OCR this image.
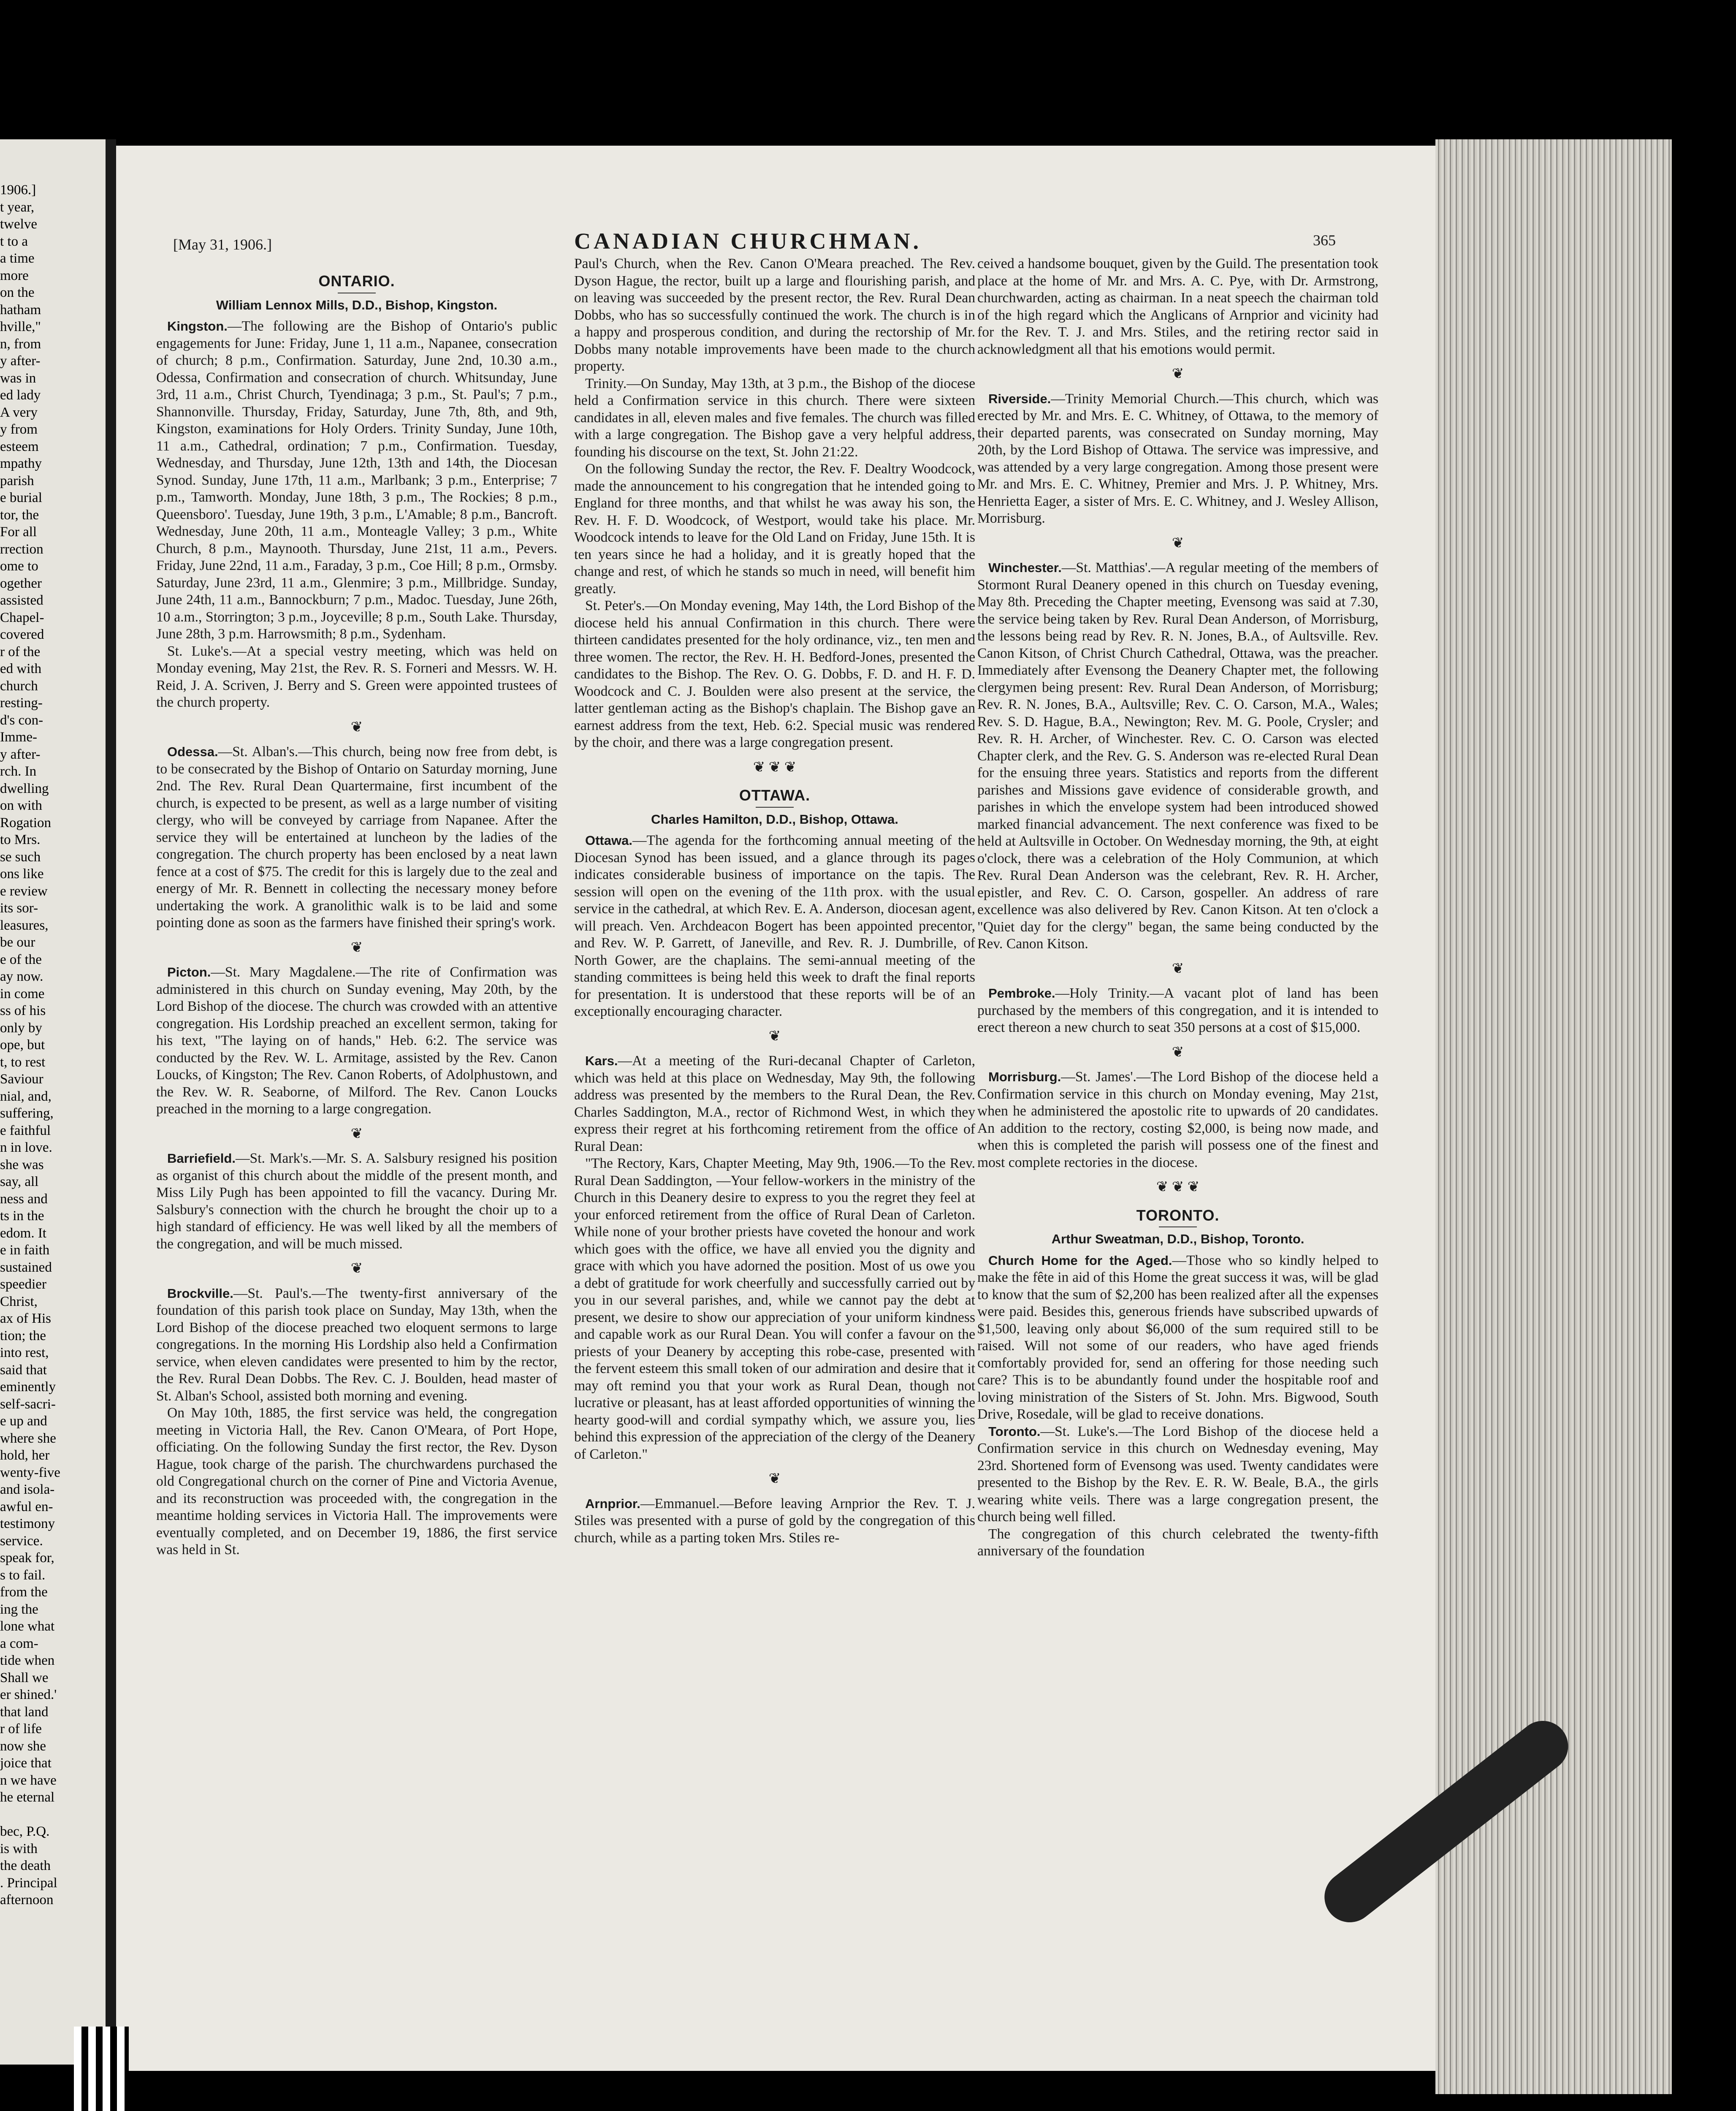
1906.]
t year,
twelve
t to a
a time
more
on the
hatham
hville,"
n, from
y after-
was in
ed lady
A very
y from
esteem
mpathy
parish
e burial
tor, the
For all
rrection
ome to
ogether
assisted
Chapel-
covered
r of the
ed with
church
resting-
d's con-
Imme-
y after-
rch. In
dwelling
on with
Rogation
to Mrs.
se such
ons like
e review
its sor-
leasures,
be our
e of the
ay now.
in come
ss of his
only by
ope, but
t, to rest
Saviour
nial, and,
suffering,
e faithful
n in love.
she was
say, all
ness and
ts in the
edom. It
e in faith
sustained
speedier
Christ,
ax of His
tion; the
into rest,
said that
eminently
self-sacri-
e up and
where she
hold, her
wenty-five
and isola-
awful en-
testimony
service.
speak for,
s to fail.
from the
ing the
lone what
a com-
tide when
Shall we
er shined.'
that land
r of life
now she
joice that
n we have
he eternal

bec, P.Q.
is with
the death
. Principal
afternoon
[May 31, 1906.]	CANADIAN CHURCHMAN.	365
ONTARIO.
William Lennox Mills, D.D., Bishop, Kingston.

Kingston.—The following are the Bishop of Ontario's public engagements for June: Friday, June 1, 11 a.m., Napanee, consecration of church; 8 p.m., Confirmation. Saturday, June 2nd, 10.30 a.m., Odessa, Confirmation and consecration of church. Whitsunday, June 3rd, 11 a.m., Christ Church, Tyendinaga; 3 p.m., St. Paul's; 7 p.m., Shannonville. Thursday, Friday, Saturday, June 7th, 8th, and 9th, Kingston, examinations for Holy Orders. Trinity Sunday, June 10th, 11 a.m., Cathedral, ordination; 7 p.m., Confirmation. Tuesday, Wednesday, and Thursday, June 12th, 13th and 14th, the Diocesan Synod. Sunday, June 17th, 11 a.m., Marlbank; 3 p.m., Enterprise; 7 p.m., Tamworth. Monday, June 18th, 3 p.m., The Rockies; 8 p.m., Queensboro'. Tuesday, June 19th, 3 p.m., L'Amable; 8 p.m., Bancroft. Wednesday, June 20th, 11 a.m., Monteagle Valley; 3 p.m., White Church, 8 p.m., Maynooth. Thursday, June 21st, 11 a.m., Pevers. Friday, June 22nd, 11 a.m., Faraday, 3 p.m., Coe Hill; 8 p.m., Ormsby. Saturday, June 23rd, 11 a.m., Glenmire; 3 p.m., Millbridge. Sunday, June 24th, 11 a.m., Bannockburn; 7 p.m., Madoc. Tuesday, June 26th, 10 a.m., Storrington; 3 p.m., Joyceville; 8 p.m., South Lake. Thursday, June 28th, 3 p.m. Harrowsmith; 8 p.m., Sydenham.

St. Luke's.—At a special vestry meeting, which was held on Monday evening, May 21st, the Rev. R. S. Forneri and Messrs. W. H. Reid, J. A. Scriven, J. Berry and S. Green were appointed trustees of the church property.

❦

Odessa.—St. Alban's.—This church, being now free from debt, is to be consecrated by the Bishop of Ontario on Saturday morning, June 2nd. The Rev. Rural Dean Quartermaine, first incumbent of the church, is expected to be present, as well as a large number of visiting clergy, who will be conveyed by carriage from Napanee. After the service they will be entertained at luncheon by the ladies of the congregation. The church property has been enclosed by a neat lawn fence at a cost of $75. The credit for this is largely due to the zeal and energy of Mr. R. Bennett in collecting the necessary money before undertaking the work. A granolithic walk is to be laid and some pointing done as soon as the farmers have finished their spring's work.

❦

Picton.—St. Mary Magdalene.—The rite of Confirmation was administered in this church on Sunday evening, May 20th, by the Lord Bishop of the diocese. The church was crowded with an attentive congregation. His Lordship preached an excellent sermon, taking for his text, "The laying on of hands," Heb. 6:2. The service was conducted by the Rev. W. L. Armitage, assisted by the Rev. Canon Loucks, of Kingston; The Rev. Canon Roberts, of Adolphustown, and the Rev. W. R. Seaborne, of Milford. The Rev. Canon Loucks preached in the morning to a large congregation.

❦

Barriefield.—St. Mark's.—Mr. S. A. Salsbury resigned his position as organist of this church about the middle of the present month, and Miss Lily Pugh has been appointed to fill the vacancy. During Mr. Salsbury's connection with the church he brought the choir up to a high standard of efficiency. He was well liked by all the members of the congregation, and will be much missed.

❦

Brockville.—St. Paul's.—The twenty-first anniversary of the foundation of this parish took place on Sunday, May 13th, when the Lord Bishop of the diocese preached two eloquent sermons to large congregations. In the morning His Lordship also held a Confirmation service, when eleven candidates were presented to him by the rector, the Rev. Rural Dean Dobbs. The Rev. C. J. Boulden, head master of St. Alban's School, assisted both morning and evening.

On May 10th, 1885, the first service was held, the congregation meeting in Victoria Hall, the Rev. Canon O'Meara, of Port Hope, officiating. On the following Sunday the first rector, the Rev. Dyson Hague, took charge of the parish. The churchwardens purchased the old Congregational church on the corner of Pine and Victoria Avenue, and its reconstruction was proceeded with, the congregation in the meantime holding services in Victoria Hall. The improvements were eventually completed, and on December 19, 1886, the first service was held in St.

Paul's Church, when the Rev. Canon O'Meara preached. The Rev. Dyson Hague, the rector, built up a large and flourishing parish, and on leaving was succeeded by the present rector, the Rev. Rural Dean Dobbs, who has so successfully continued the work. The church is in a happy and prosperous condition, and during the rectorship of Mr. Dobbs many notable improvements have been made to the church property.

Trinity.—On Sunday, May 13th, at 3 p.m., the Bishop of the diocese held a Confirmation service in this church. There were sixteen candidates in all, eleven males and five females. The church was filled with a large congregation. The Bishop gave a very helpful address, founding his discourse on the text, St. John 21:22.

On the following Sunday the rector, the Rev. F. Dealtry Woodcock, made the announcement to his congregation that he intended going to England for three months, and that whilst he was away his son, the Rev. H. F. D. Woodcock, of Westport, would take his place. Mr. Woodcock intends to leave for the Old Land on Friday, June 15th. It is ten years since he had a holiday, and it is greatly hoped that the change and rest, of which he stands so much in need, will benefit him greatly.

St. Peter's.—On Monday evening, May 14th, the Lord Bishop of the diocese held his annual Confirmation in this church. There were thirteen candidates presented for the holy ordinance, viz., ten men and three women. The rector, the Rev. H. H. Bedford-Jones, presented the candidates to the Bishop. The Rev. O. G. Dobbs, F. D. and H. F. D. Woodcock and C. J. Boulden were also present at the service, the latter gentleman acting as the Bishop's chaplain. The Bishop gave an earnest address from the text, Heb. 6:2. Special music was rendered by the choir, and there was a large congregation present.

❦ ❦ ❦
OTTAWA.
Charles Hamilton, D.D., Bishop, Ottawa.

Ottawa.—The agenda for the forthcoming annual meeting of the Diocesan Synod has been issued, and a glance through its pages indicates considerable business of importance on the tapis. The session will open on the evening of the 11th prox. with the usual service in the cathedral, at which Rev. E. A. Anderson, diocesan agent, will preach. Ven. Archdeacon Bogert has been appointed precentor, and Rev. W. P. Garrett, of Janeville, and Rev. R. J. Dumbrille, of North Gower, are the chaplains. The semi-annual meeting of the standing committees is being held this week to draft the final reports for presentation. It is understood that these reports will be of an exceptionally encouraging character.

❦

Kars.—At a meeting of the Ruri-decanal Chapter of Carleton, which was held at this place on Wednesday, May 9th, the following address was presented by the members to the Rural Dean, the Rev. Charles Saddington, M.A., rector of Richmond West, in which they express their regret at his forthcoming retirement from the office of Rural Dean:

"The Rectory, Kars, Chapter Meeting, May 9th, 1906.—To the Rev. Rural Dean Saddington, —Your fellow-workers in the ministry of the Church in this Deanery desire to express to you the regret they feel at your enforced retirement from the office of Rural Dean of Carleton. While none of your brother priests have coveted the honour and work which goes with the office, we have all envied you the dignity and grace with which you have adorned the position. Most of us owe you a debt of gratitude for work cheerfully and successfully carried out by you in our several parishes, and, while we cannot pay the debt at present, we desire to show our appreciation of your uniform kindness and capable work as our Rural Dean. You will confer a favour on the priests of your Deanery by accepting this robe-case, presented with the fervent esteem this small token of our admiration and desire that it may oft remind you that your work as Rural Dean, though not lucrative or pleasant, has at least afforded opportunities of winning the hearty good-will and cordial sympathy which, we assure you, lies behind this expression of the appreciation of the clergy of the Deanery of Carleton."

❦

Arnprior.—Emmanuel.—Before leaving Arnprior the Rev. T. J. Stiles was presented with a purse of gold by the congregation of this church, while as a parting token Mrs. Stiles re-

ceived a handsome bouquet, given by the Guild. The presentation took place at the home of Mr. and Mrs. A. C. Pye, with Dr. Armstrong, churchwarden, acting as chairman. In a neat speech the chairman told of the high regard which the Anglicans of Arnprior and vicinity had for the Rev. T. J. and Mrs. Stiles, and the retiring rector said in acknowledgment all that his emotions would permit.

❦

Riverside.—Trinity Memorial Church.—This church, which was erected by Mr. and Mrs. E. C. Whitney, of Ottawa, to the memory of their departed parents, was consecrated on Sunday morning, May 20th, by the Lord Bishop of Ottawa. The service was impressive, and was attended by a very large congregation. Among those present were Mr. and Mrs. E. C. Whitney, Premier and Mrs. J. P. Whitney, Mrs. Henrietta Eager, a sister of Mrs. E. C. Whitney, and J. Wesley Allison, Morrisburg.

❦

Winchester.—St. Matthias'.—A regular meeting of the members of Stormont Rural Deanery opened in this church on Tuesday evening, May 8th. Preceding the Chapter meeting, Evensong was said at 7.30, the service being taken by Rev. Rural Dean Anderson, of Morrisburg, the lessons being read by Rev. R. N. Jones, B.A., of Aultsville. Rev. Canon Kitson, of Christ Church Cathedral, Ottawa, was the preacher. Immediately after Evensong the Deanery Chapter met, the following clergymen being present: Rev. Rural Dean Anderson, of Morrisburg; Rev. R. N. Jones, B.A., Aultsville; Rev. C. O. Carson, M.A., Wales; Rev. S. D. Hague, B.A., Newington; Rev. M. G. Poole, Crysler; and Rev. R. H. Archer, of Winchester. Rev. C. O. Carson was elected Chapter clerk, and the Rev. G. S. Anderson was re-elected Rural Dean for the ensuing three years. Statistics and reports from the different parishes and Missions gave evidence of considerable growth, and parishes in which the envelope system had been introduced showed marked financial advancement. The next conference was fixed to be held at Aultsville in October. On Wednesday morning, the 9th, at eight o'clock, there was a celebration of the Holy Communion, at which Rev. Rural Dean Anderson was the celebrant, Rev. R. H. Archer, epistler, and Rev. C. O. Carson, gospeller. An address of rare excellence was also delivered by Rev. Canon Kitson. At ten o'clock a "Quiet day for the clergy" began, the same being conducted by the Rev. Canon Kitson.

❦

Pembroke.—Holy Trinity.—A vacant plot of land has been purchased by the members of this congregation, and it is intended to erect thereon a new church to seat 350 persons at a cost of $15,000.

❦

Morrisburg.—St. James'.—The Lord Bishop of the diocese held a Confirmation service in this church on Monday evening, May 21st, when he administered the apostolic rite to upwards of 20 candidates. An addition to the rectory, costing $2,000, is being now made, and when this is completed the parish will possess one of the finest and most complete rectories in the diocese.

❦ ❦ ❦
TORONTO.
Arthur Sweatman, D.D., Bishop, Toronto.

Church Home for the Aged.—Those who so kindly helped to make the fête in aid of this Home the great success it was, will be glad to know that the sum of $2,200 has been realized after all the expenses were paid. Besides this, generous friends have subscribed upwards of $1,500, leaving only about $6,000 of the sum required still to be raised. Will not some of our readers, who have aged friends comfortably provided for, send an offering for those needing such care? This is to be abundantly found under the hospitable roof and loving ministration of the Sisters of St. John. Mrs. Bigwood, South Drive, Rosedale, will be glad to receive donations.

Toronto.—St. Luke's.—The Lord Bishop of the diocese held a Confirmation service in this church on Wednesday evening, May 23rd. Shortened form of Evensong was used. Twenty candidates were presented to the Bishop by the Rev. E. R. W. Beale, B.A., the girls wearing white veils. There was a large congregation present, the church being well filled.

The congregation of this church celebrated the twenty-fifth anniversary of the foundation
